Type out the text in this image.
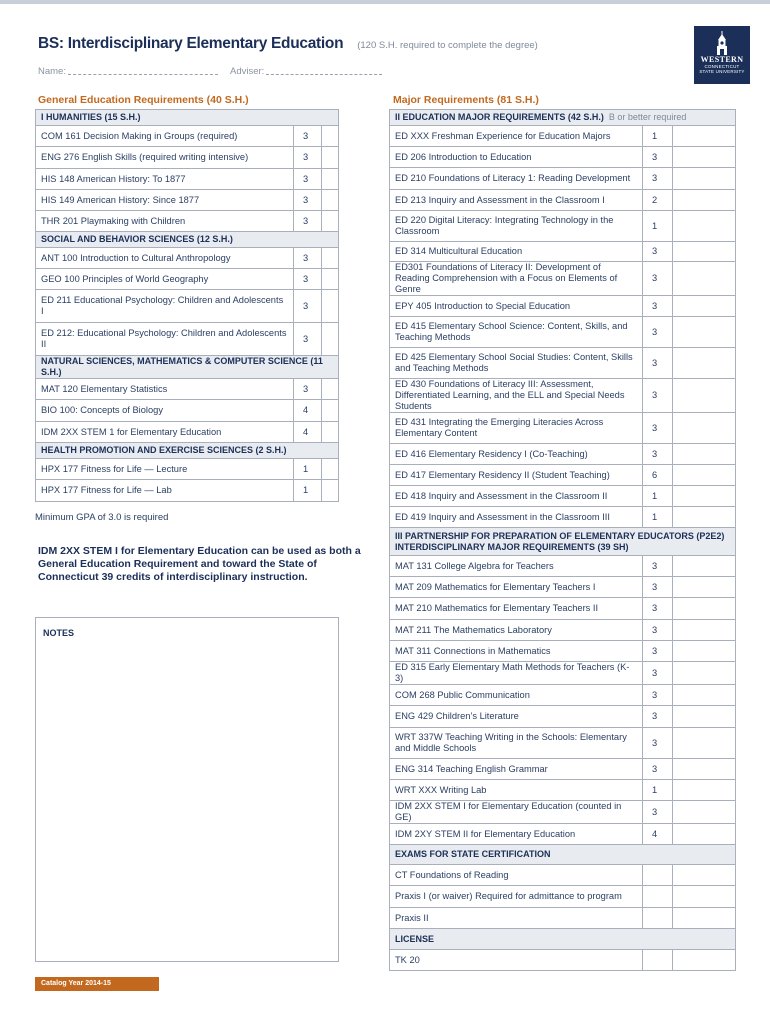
BS: Interdisciplinary Elementary Education (120 S.H. required to complete the degree)
Name:	Adviser:
WESTERN
CONNECTICUT
STATE UNIVERSITY
General Education Requirements (40 S.H.)	Major Requirements (81 S.H.)
I HUMANITIES (15 S.H.)		
COM 161 Decision Making in Groups (required)	3	
ENG 276 English Skills (required writing intensive)	3	
HIS 148 American History: To 1877	3	
HIS 149 American History: Since 1877	3	
THR 201 Playmaking with Children	3	
SOCIAL AND BEHAVIOR SCIENCES (12 S.H.)		
ANT 100 Introduction to Cultural Anthropology	3	
GEO 100 Principles of World Geography	3	
ED 211 Educational Psychology: Children and Adolescents I	3	
ED 212: Educational Psychology: Children and Adolescents II	3	
NATURAL SCIENCES, MATHEMATICS & COMPUTER SCIENCE (11 S.H.)		
MAT 120 Elementary Statistics	3	
BIO 100: Concepts of Biology	4	
IDM 2XX STEM 1 for Elementary Education	4	
HEALTH PROMOTION AND EXERCISE SCIENCES (2 S.H.)		
HPX 177 Fitness for Life — Lecture	1	
HPX 177 Fitness for Life — Lab	1	
II EDUCATION MAJOR REQUIREMENTS (42 S.H.) B or better required		
ED XXX Freshman Experience for Education Majors	1	
ED 206 Introduction to Education	3	
ED 210 Foundations of Literacy 1: Reading Development	3	
ED 213 Inquiry and Assessment in the Classroom I	2	
ED 220 Digital Literacy: Integrating Technology in the Classroom	1	
ED 314 Multicultural Education	3	
ED301 Foundations of Literacy II: Development of Reading Comprehension with a Focus on Elements of Genre	3	
EPY 405 Introduction to Special Education	3	
ED 415 Elementary School Science: Content, Skills, and Teaching Methods	3	
ED 425 Elementary School Social Studies: Content, Skills and Teaching Methods	3	
ED 430 Foundations of Literacy III: Assessment, Differentiated Learning, and the ELL and Special Needs Students	3	
ED 431 Integrating the Emerging Literacies Across Elementary Content	3	
ED 416 Elementary Residency I (Co-Teaching)	3	
ED 417 Elementary Residency II (Student Teaching)	6	
ED 418 Inquiry and Assessment in the Classroom II	1	
ED 419 Inquiry and Assessment in the Classroom III	1	
III PARTNERSHIP FOR PREPARATION OF ELEMENTARY EDUCATORS (P2E2) INTERDISCIPLINARY MAJOR REQUIREMENTS (39 SH)		
MAT 131 College Algebra for Teachers	3	
MAT 209 Mathematics for Elementary Teachers I	3	
MAT 210 Mathematics for Elementary Teachers II	3	
MAT 211 The Mathematics Laboratory	3	
MAT 311 Connections in Mathematics	3	
ED 315 Early Elementary Math Methods for Teachers (K-3)	3	
COM 268 Public Communication	3	
ENG 429 Children’s Literature	3	
WRT 337W Teaching Writing in the Schools: Elementary and Middle Schools	3	
ENG 314 Teaching English Grammar	3	
WRT XXX Writing Lab	1	
IDM 2XX STEM I for Elementary Education (counted in GE)	3	
IDM 2XY STEM II for Elementary Education	4	
EXAMS FOR STATE CERTIFICATION		
CT Foundations of Reading		
Praxis I (or waiver) Required for admittance to program		
Praxis II		
LICENSE		
TK 20		
Minimum GPA of 3.0 is required
IDM 2XX STEM I for Elementary Education can be used as both a General Education Requirement and toward the State of Connecticut 39 credits of interdisciplinary instruction.
NOTES
Catalog Year 2014-15
